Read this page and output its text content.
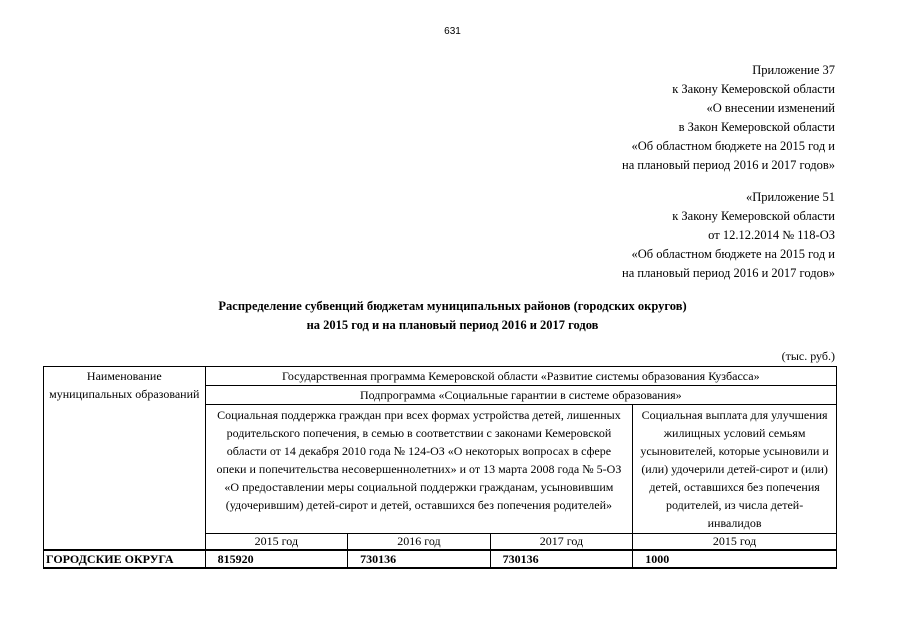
631
Приложение 37
к Закону Кемеровской области
«О внесении изменений
в Закон Кемеровской области
«Об областном бюджете на 2015 год и
на плановый период 2016 и 2017 годов»
«Приложение 51
к Закону Кемеровской области
от 12.12.2014 № 118-ОЗ
«Об областном бюджете на 2015 год и
на плановый период 2016 и 2017 годов»
Распределение субвенций бюджетам муниципальных районов (городских округов)
на 2015 год и на плановый период 2016 и 2017 годов
(тыс. руб.)
Наименование муниципальных образований	Государственная программа Кемеровской области «Развитие системы образования Кузбасса»			
	Подпрограмма «Социальные гарантии в системе образования»			
	Социальная поддержка граждан при всех формах устройства детей, лишенных родительского попечения, в семью в соответствии с законами Кемеровской области от 14 декабря 2010 года № 124-ОЗ «О некоторых вопросах в сфере опеки и попечительства несовершеннолетних» и от 13 марта 2008 года № 5-ОЗ «О предоставлении меры социальной поддержки гражданам, усыновившим (удочерившим) детей-сирот и детей, оставшихся без попечения родителей»			Социальная выплата для улучшения жилищных условий семьям усыновителей, которые усыновили и (или) удочерили детей-сирот и (или) детей, оставшихся без попечения родителей, из числа детей-инвалидов
	2015 год	2016 год	2017 год	2015 год
ГОРОДСКИЕ ОКРУГА	815920	730136	730136	1000
